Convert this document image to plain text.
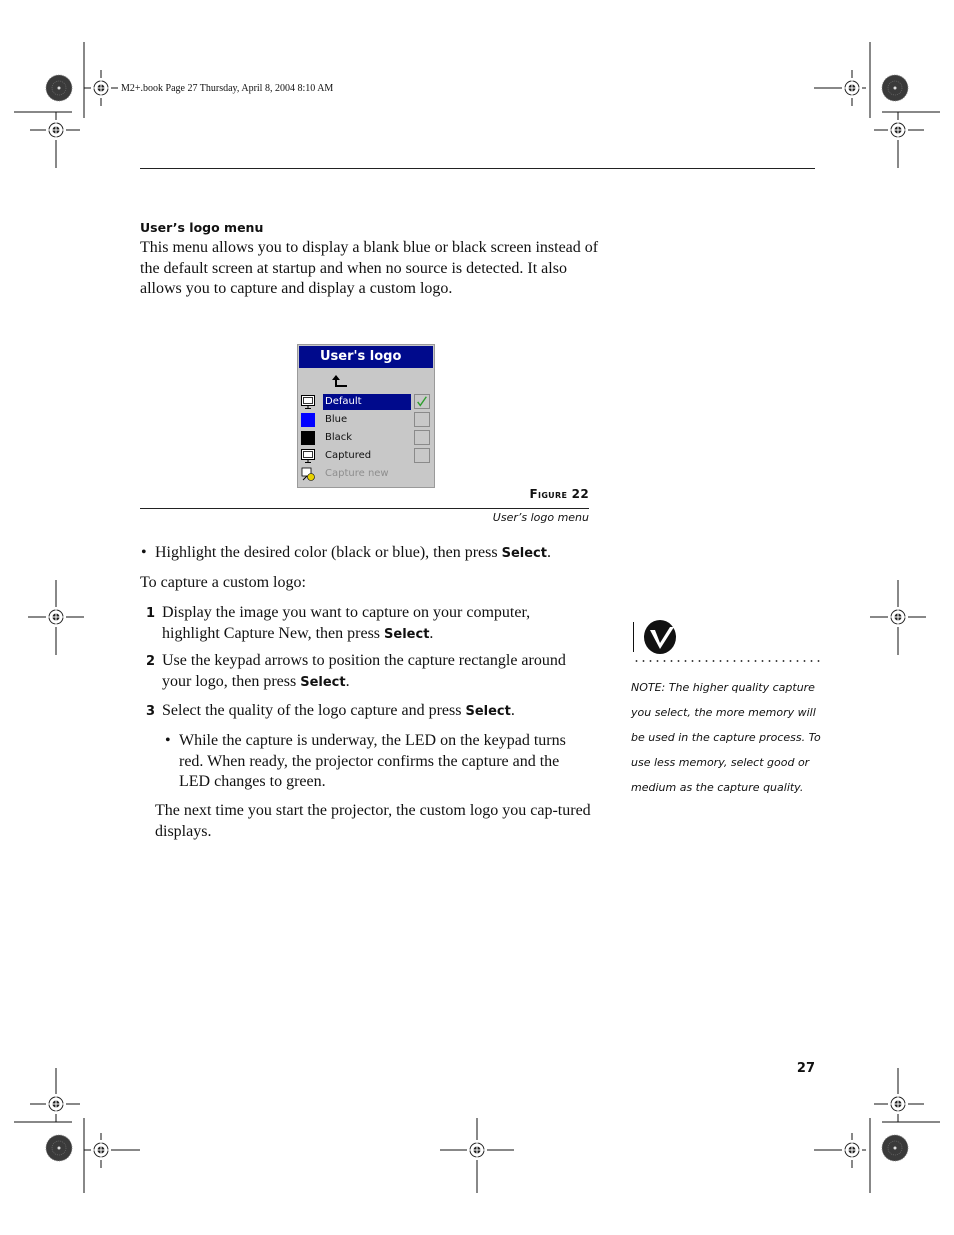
M2+.book Page 27 Thursday, April 8, 2004 8:10 AM
User’s logo menu
This menu allows you to display a blank blue or black screen instead of the default screen at startup and when no source is detected. It also allows you to capture and display a custom logo.
User's logo
Default
Blue
Black
Captured
Capture new
Figure 22
User’s logo menu
• Highlight the desired color (black or blue), then press Select.
To capture a custom logo:
1 Display the image you want to capture on your computer, highlight Capture New, then press Select.
2 Use the keypad arrows to position the capture rectangle around your logo, then press Select.
3 Select the quality of the logo capture and press Select.
• While the capture is underway, the LED on the keypad turns red. When ready, the projector confirms the capture and the LED changes to green.
The next time you start the projector, the custom logo you cap-tured displays.
NOTE: The higher quality capture you select, the more memory will be used in the capture process. To use less memory, select good or medium as the capture quality.
27
